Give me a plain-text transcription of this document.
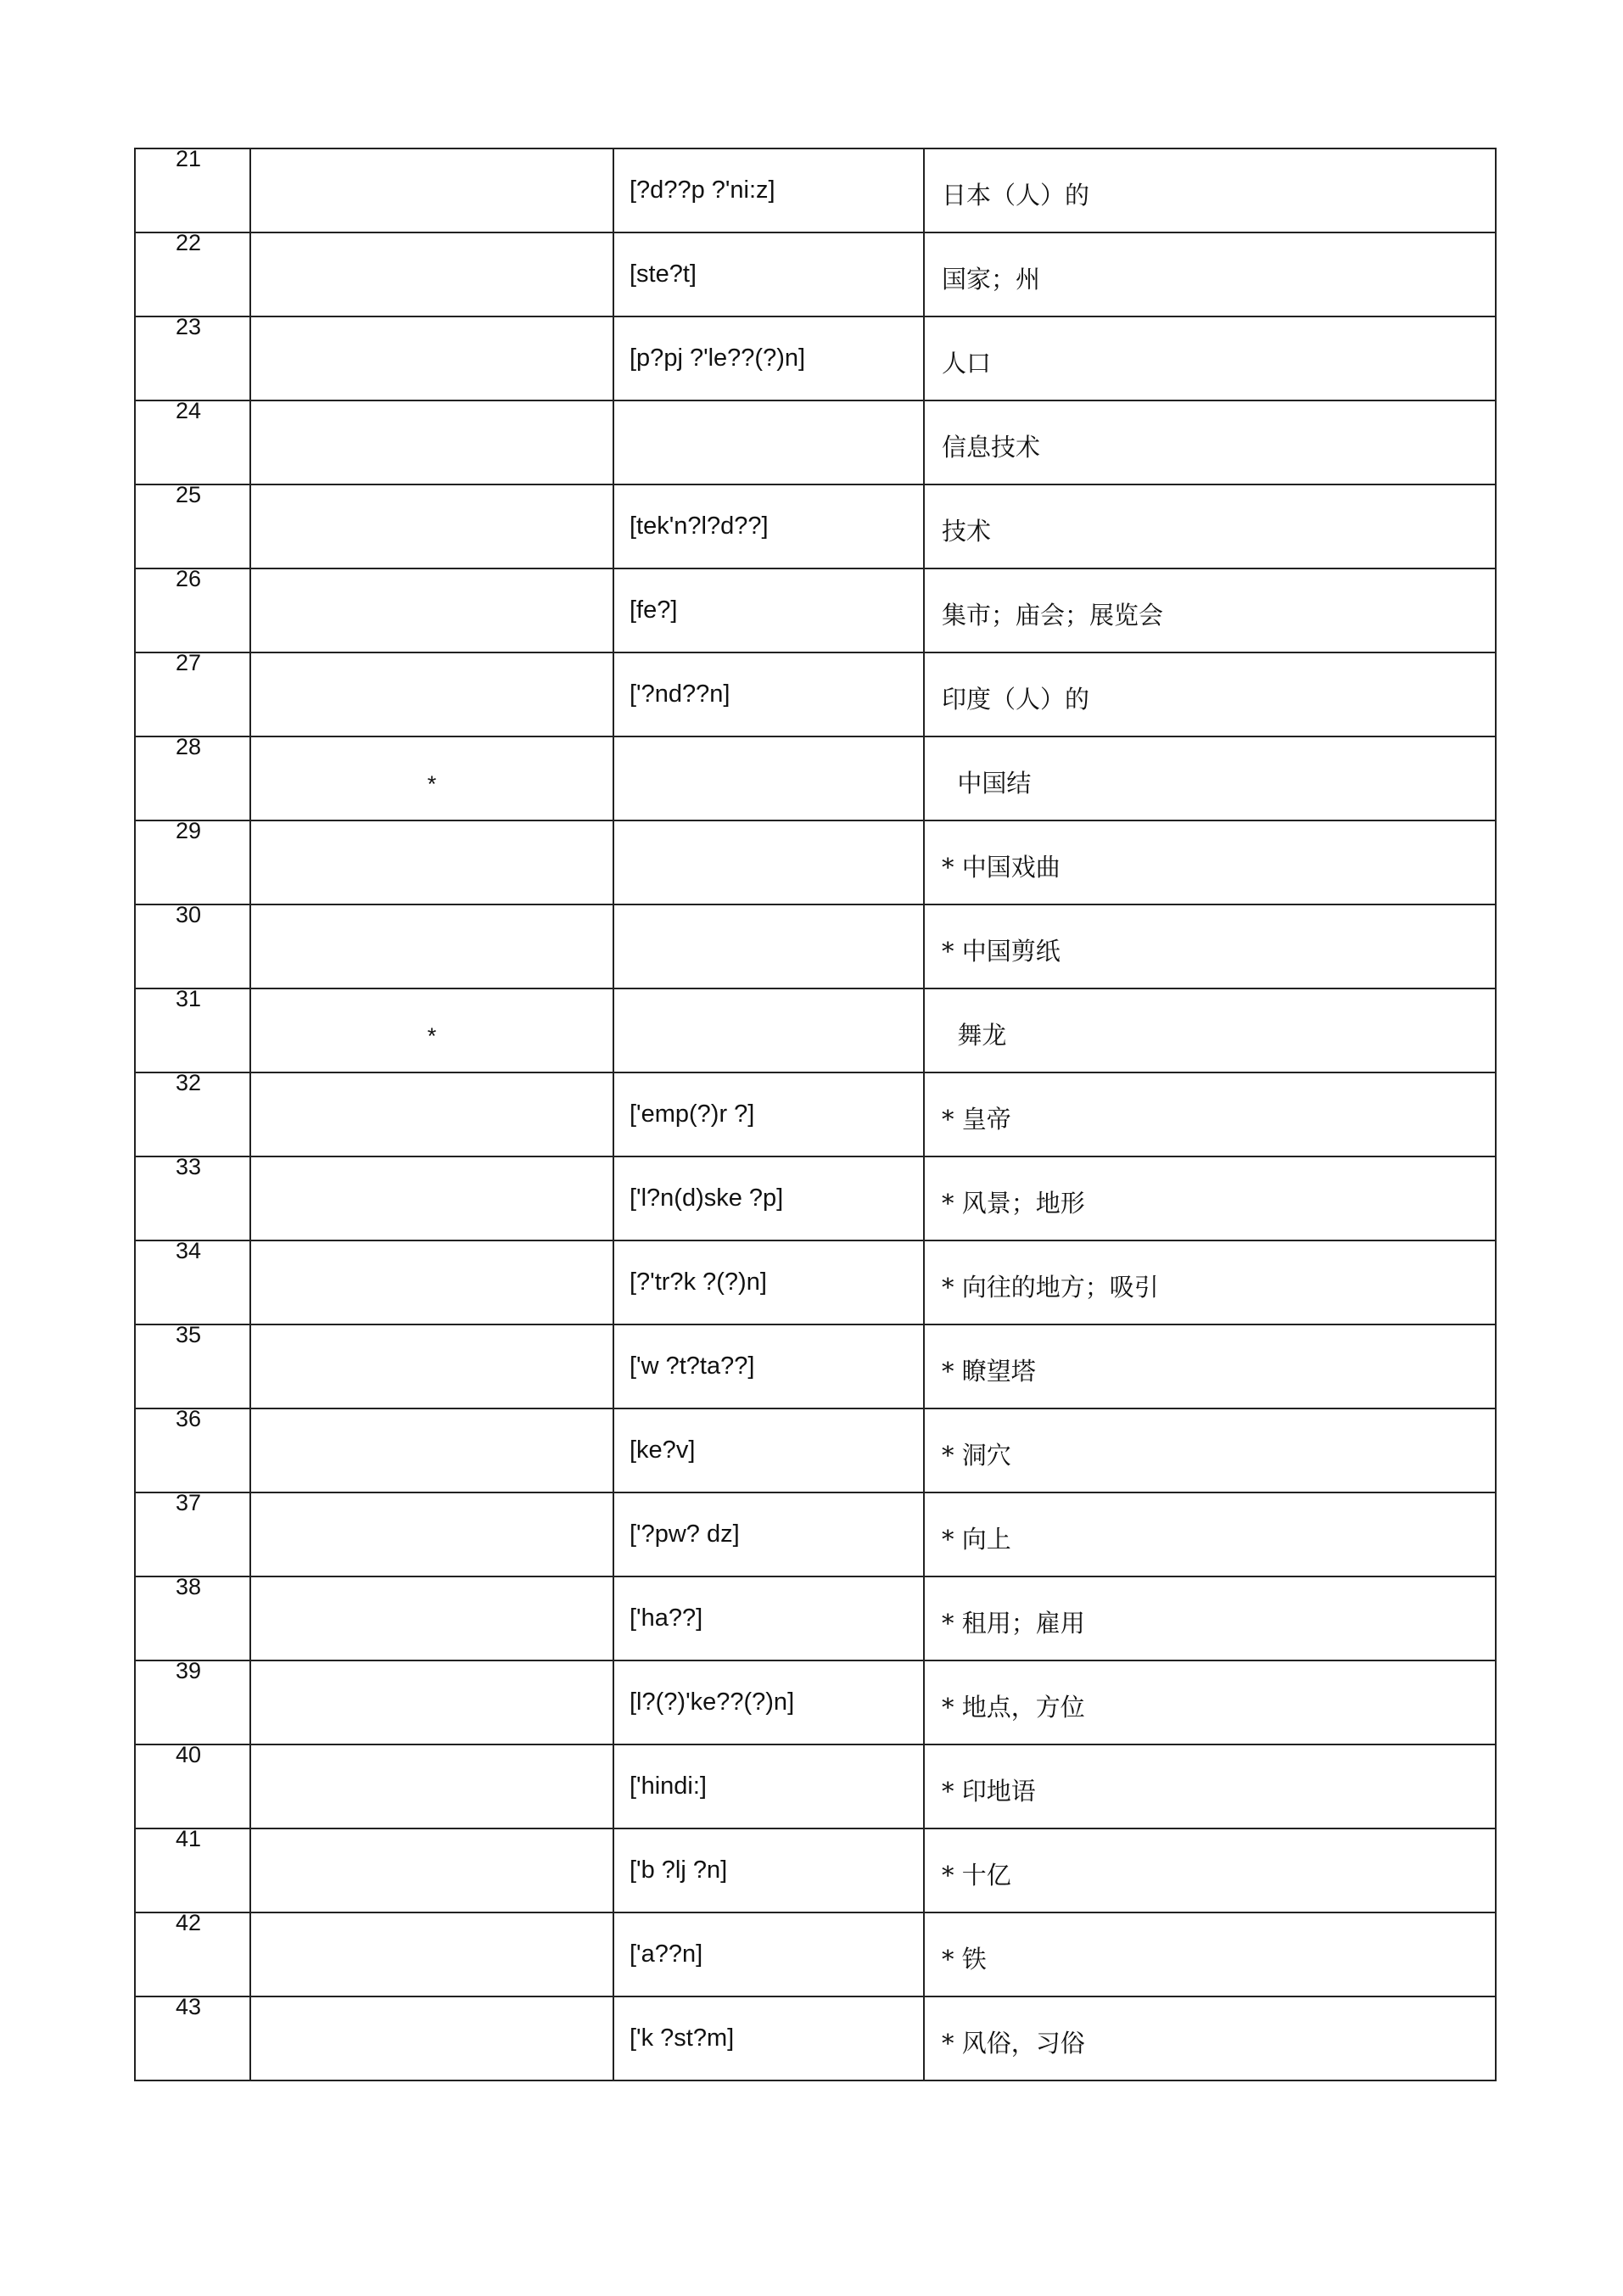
21		[?d??p ?'ni:z]	日本（人）的

22		[ste?t]	国家；州

23		[p?pj ?'le??(?)n]	人口

24			信息技术

25		[tek'n?l?d??]	技术

26		[fe?]	集市；庙会；展览会

27		['?nd??n]	印度（人）的

28	*		中国结

29			* 中国戏曲

30			* 中国剪纸

31	*		舞龙

32		['emp(?)r ?]	* 皇帝

33		['l?n(d)ske ?p]	* 风景；地形

34		[?'tr?k ?(?)n]	* 向往的地方；吸引

35		['w ?t?ta??]	* 瞭望塔

36		[ke?v]	* 洞穴

37		['?pw? dz]	* 向上

38		['ha??]	* 租用；雇用

39		[l?(?)'ke??(?)n]	* 地点，方位

40		['hindi:]	* 印地语

41		['b ?lj ?n]	* 十亿

42		['a??n]	* 铁

43		['k ?st?m]	* 风俗，习俗
